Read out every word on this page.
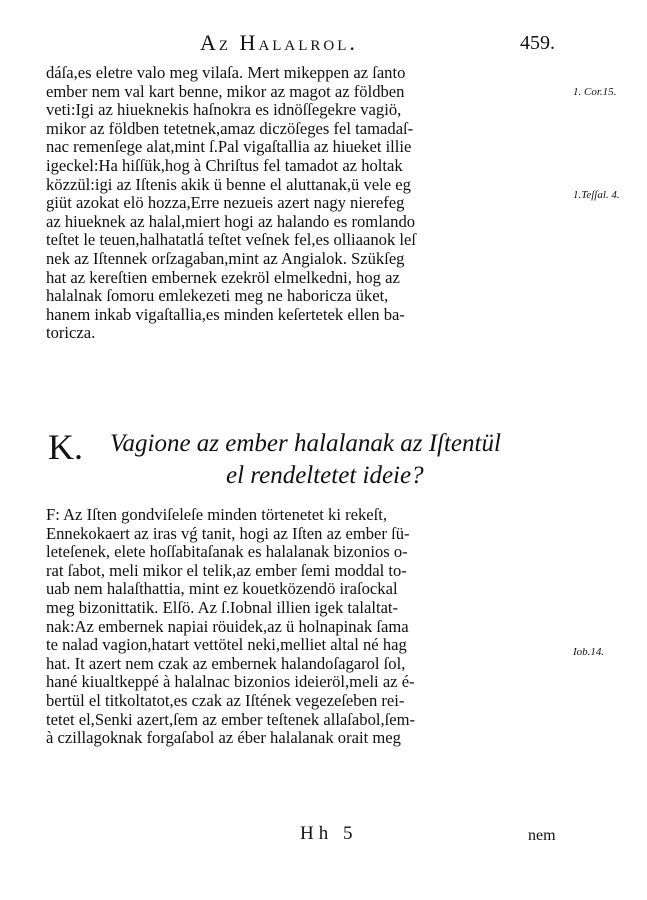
Az Halalrol.	459.
dáſa,es eletre valo meg vilaſa. Mert mikeppen az ſanto
ember nem val kart benne, mikor az magot az földben
veti:Igi az hiueknekis haſnokra es idnöſſegekre vagiö,
mikor az földben tetetnek,amaz diczöſeges fel tamadaſ-
nac remenſege alat,mint ſ.Pal vigaſtallia az hiueket illie
igeckel:Ha hiſſük,hog à Chriſtus fel tamadot az holtak
közzül:igi az Iſtenis akik ü benne el aluttanak,ü vele eg
giüt azokat elö hozza,Erre nezueis azert nagy nierefeg
az hiueknek az halal,miert hogi az halando es romlando
teſtet le teuen,halhatatlá teſtet veſnek fel,es olliaanok leſ
nek az Iſtennek orſzagaban,mint az Angialok. Szükſeg
hat az kereſtien embernek ezekröl elmelkedni, hog az
halalnak ſomoru emlekezeti meg ne haboricza üket,
hanem inkab vigaſtallia,es minden keſertetek ellen ba-
toricza.
K. Vagione az ember halalanak az Iſtentül
el rendeltetet ideie?
F: Az Iſten gondviſeleſe minden törtenetet ki rekeſt,
Ennekokaert az iras vǵ tanit, hogi az Iſten az ember ſü-
leteſenek, elete hoſſabitaſanak es halalanak bizonios o-
rat ſabot, meli mikor el telik,az ember ſemi moddal to-
uab nem halaſthattia, mint ez kouetközendö iraſockal
meg bizonittatik. Elſö. Az ſ.Iobnal illien igek talaltat-
nak:Az embernek napiai röuidek,az ü holnapinak ſama
te nalad vagion,hatart vettötel neki,melliet altal né hag
hat. It azert nem czak az embernek halandoſagarol ſol,
hané kiualtkeppé à halalnac bizonios ideieröl,meli az é-
bertül el titkoltatot,es czak az Iſtének vegezeſeben rei-
tetet el,Senki azert,ſem az ember teſtenek allaſabol,ſem-
à czillagoknak forgaſabol az éber halalanak orait meg
1. Cor.15.
1.Teſſal. 4.
Iob.14.
Hh 5	nem
